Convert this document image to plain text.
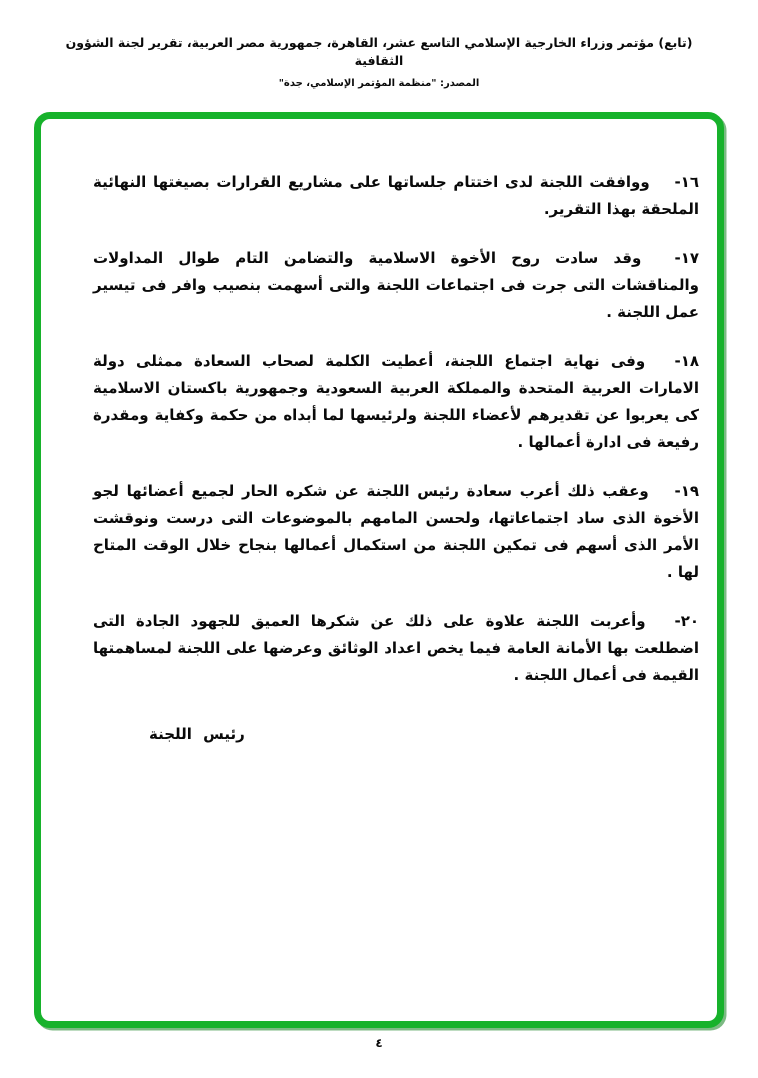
(تابع) مؤتمر وزراء الخارجية الإسلامي التاسع عشر، القاهرة، جمهورية مصر العربية، تقرير لجنة الشؤون الثقافية
المصدر: "منظمة المؤتمر الإسلامي، جدة"

١٦- ووافقت اللجنة لدى اختتام جلساتها على مشاريع القرارات بصيغتها النهائية الملحقة بهذا التقرير.

١٧- وقد سادت روح الأخوة الاسلامية والتضامن التام طوال المداولات والمناقشات التى جرت فى اجتماعات اللجنة والتى أسهمت بنصيب وافر فى تيسير عمل اللجنة .

١٨- وفى نهاية اجتماع اللجنة، أعطيت الكلمة لصحاب السعادة ممثلى دولة الامارات العربية المتحدة والمملكة العربية السعودية وجمهورية باكستان الاسلامية كى يعربوا عن تقديرهم لأعضاء اللجنة ولرئيسها لما أبداه من حكمة وكفاية ومقدرة رفيعة فى ادارة أعمالها .

١٩- وعقب ذلك أعرب سعادة رئيس اللجنة عن شكره الحار لجميع أعضائها لجو الأخوة الذى ساد اجتماعاتها، ولحسن المامهم بالموضوعات التى درست ونوقشت الأمر الذى أسهم فى تمكين اللجنة من استكمال أعمالها بنجاح خلال الوقت المتاح لها .

٢٠- وأعربت اللجنة علاوة على ذلك عن شكرها العميق للجهود الجادة التى اضطلعت بها الأمانة العامة فيما يخص اعداد الوثائق وعرضها على اللجنة لمساهمتها القيمة فى أعمال اللجنة .

رئيس اللجنة
٤
